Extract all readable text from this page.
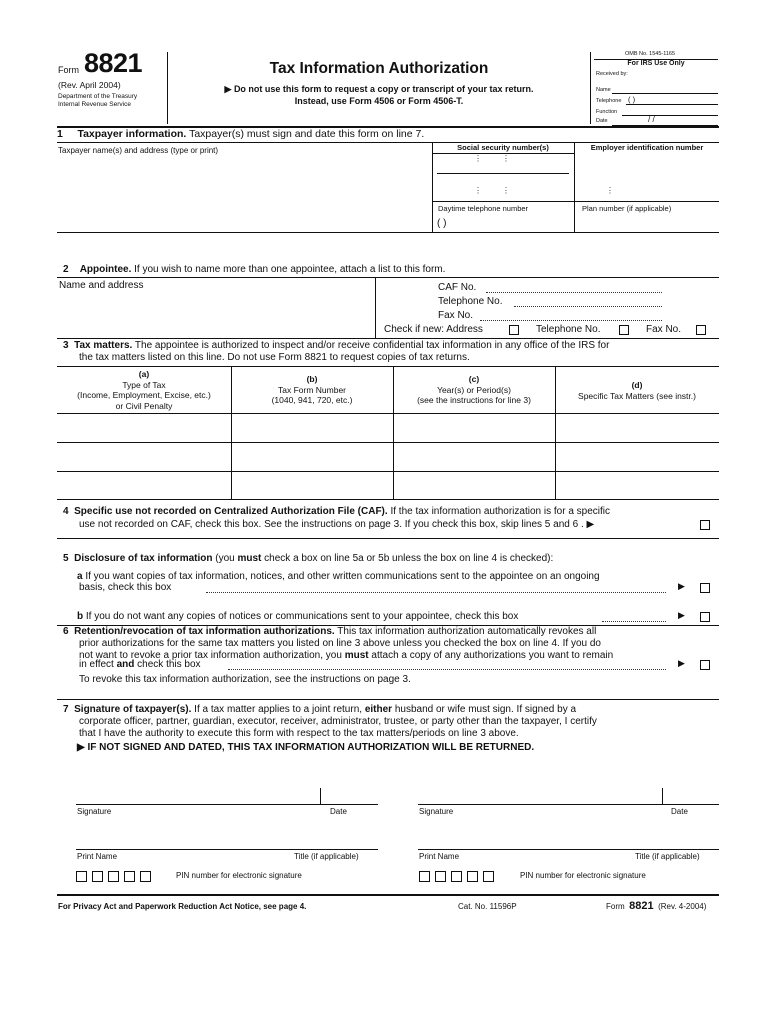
Form 8821
(Rev. April 2004)
Department of the Treasury
Internal Revenue Service
Tax Information Authorization
▶ Do not use this form to request a copy or transcript of your tax return.
Instead, use Form 4506 or Form 4506-T.
OMB No. 1545-1165
For IRS Use Only
Received by:
Name
Telephone ( )
Function
Date	/ /
1 Taxpayer information. Taxpayer(s) must sign and date this form on line 7.
Taxpayer name(s) and address (type or print)	Social security number(s)
⋮         ⋮
⋮         ⋮
Employer identification number
⋮
Daytime telephone number
( )
Plan number (if applicable)
2 Appointee. If you wish to name more than one appointee, attach a list to this form.
Name and address	CAF No.
Telephone No.
Fax No.
Check if new: Address	Telephone No.	Fax No.
3 Tax matters. The appointee is authorized to inspect and/or receive confidential tax information in any office of the IRS for
the tax matters listed on this line. Do not use Form 8821 to request copies of tax returns.
(a)
Type of Tax
(Income, Employment, Excise, etc.)
or Civil Penalty
(b)
Tax Form Number
(1040, 941, 720, etc.)
(c)
Year(s) or Period(s)
(see the instructions for line 3)
(d)
Specific Tax Matters (see instr.)
4 Specific use not recorded on Centralized Authorization File (CAF). If the tax information authorization is for a specific
use not recorded on CAF, check this box. See the instructions on page 3. If you check this box, skip lines 5 and 6 . ▶
5 Disclosure of tax information (you must check a box on line 5a or 5b unless the box on line 4 is checked):
a If you want copies of tax information, notices, and other written communications sent to the appointee on an ongoing
basis, check this box	▶
b If you do not want any copies of notices or communications sent to your appointee, check this box	▶
6 Retention/revocation of tax information authorizations. This tax information authorization automatically revokes all
prior authorizations for the same tax matters you listed on line 3 above unless you checked the box on line 4. If you do
not want to revoke a prior tax information authorization, you must attach a copy of any authorizations you want to remain
in effect and check this box	▶
To revoke this tax information authorization, see the instructions on page 3.
7 Signature of taxpayer(s). If a tax matter applies to a joint return, either husband or wife must sign. If signed by a
corporate officer, partner, guardian, executor, receiver, administrator, trustee, or party other than the taxpayer, I certify
that I have the authority to execute this form with respect to the tax matters/periods on line 3 above.
▶ IF NOT SIGNED AND DATED, THIS TAX INFORMATION AUTHORIZATION WILL BE RETURNED.
Signature	Date
Print Name	Title (if applicable)
PIN number for electronic signature
Signature	Date
Print Name	Title (if applicable)
PIN number for electronic signature
For Privacy Act and Paperwork Reduction Act Notice, see page 4.	Cat. No. 11596P	Form 8821 (Rev. 4-2004)
